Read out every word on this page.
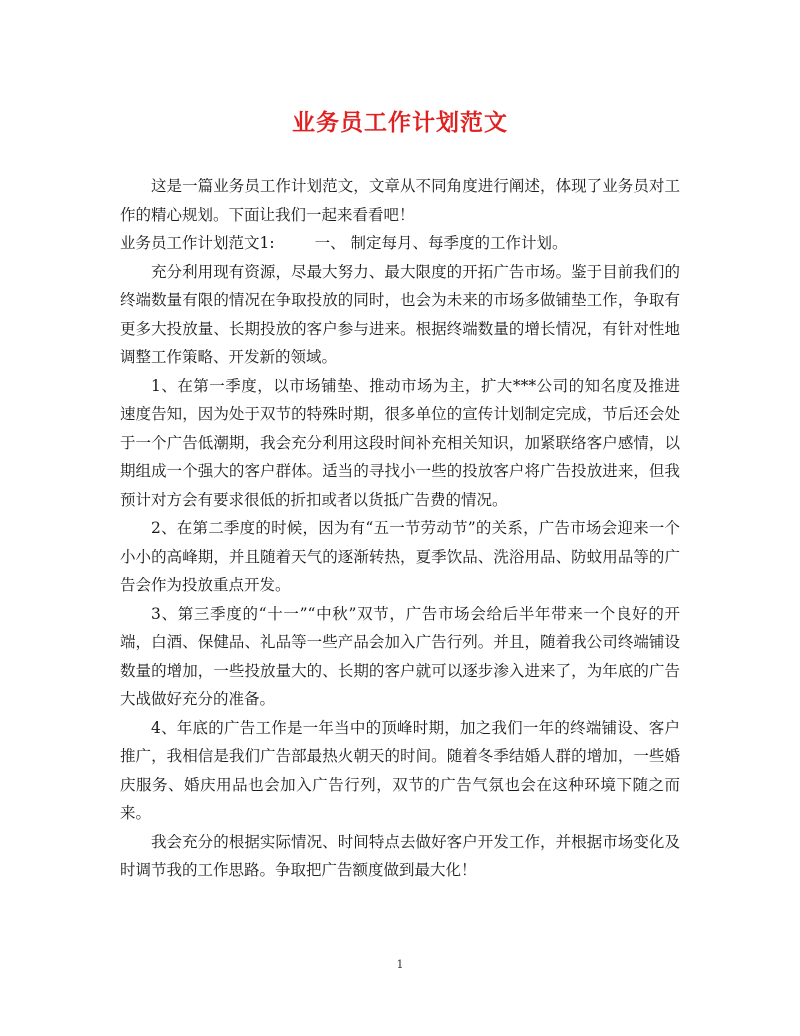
业务员工作计划范文

这是一篇业务员工作计划范文，文章从不同角度进行阐述，体现了业务员对工作的精心规划。下面让我们一起来看看吧！

业务员工作计划范文1:	一、 制定每月、每季度的工作计划。

充分利用现有资源，尽最大努力、最大限度的开拓广告市场。鉴于目前我们的终端数量有限的情况在争取投放的同时，也会为未来的市场多做铺垫工作，争取有更多大投放量、长期投放的客户参与进来。根据终端数量的增长情况，有针对性地调整工作策略、开发新的领域。

1、在第一季度，以市场铺垫、推动市场为主，扩大***公司的知名度及推进速度告知，因为处于双节的特殊时期，很多单位的宣传计划制定完成，节后还会处于一个广告低潮期，我会充分利用这段时间补充相关知识，加紧联络客户感情，以期组成一个强大的客户群体。适当的寻找小一些的投放客户将广告投放进来，但我预计对方会有要求很低的折扣或者以货抵广告费的情况。

2、在第二季度的时候，因为有“五一节劳动节”的关系，广告市场会迎来一个小小的高峰期，并且随着天气的逐渐转热，夏季饮品、洗浴用品、防蚊用品等的广告会作为投放重点开发。

3、第三季度的“十一”“中秋”双节，广告市场会给后半年带来一个良好的开端，白酒、保健品、礼品等一些产品会加入广告行列。并且，随着我公司终端铺设数量的增加，一些投放量大的、长期的客户就可以逐步渗入进来了，为年底的广告大战做好充分的准备。

4、年底的广告工作是一年当中的顶峰时期，加之我们一年的终端铺设、客户推广，我相信是我们广告部最热火朝天的时间。随着冬季结婚人群的增加，一些婚庆服务、婚庆用品也会加入广告行列，双节的广告气氛也会在这种环境下随之而来。

我会充分的根据实际情况、时间特点去做好客户开发工作，并根据市场变化及时调节我的工作思路。争取把广告额度做到最大化！

1
